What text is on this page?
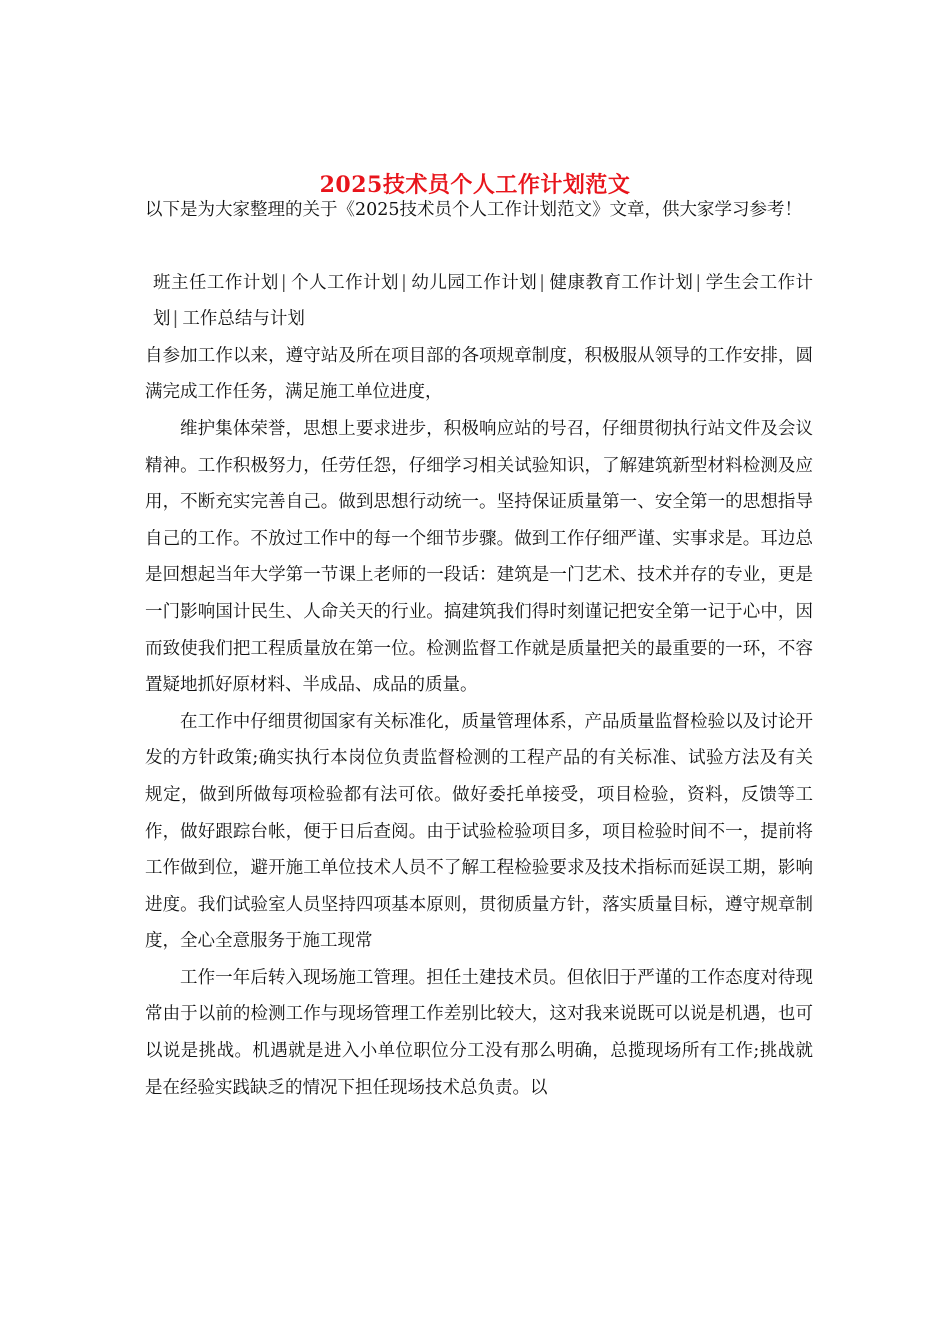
2025技术员个人工作计划范文

以下是为大家整理的关于《2025技术员个人工作计划范文》文章，供大家学习参考！

班主任工作计划 | 个人工作计划 | 幼儿园工作计划 | 健康教育工作计划 | 学生会工作计划 | 工作总结与计划

自参加工作以来，遵守站及所在项目部的各项规章制度，积极服从领导的工作安排，圆满完成工作任务，满足施工单位进度，

维护集体荣誉，思想上要求进步，积极响应站的号召，仔细贯彻执行站文件及会议精神。工作积极努力，任劳任怨，仔细学习相关试验知识，了解建筑新型材料检测及应用，不断充实完善自己。做到思想行动统一。坚持保证质量第一、安全第一的思想指导自己的工作。不放过工作中的每一个细节步骤。做到工作仔细严谨、实事求是。耳边总是回想起当年大学第一节课上老师的一段话：建筑是一门艺术、技术并存的专业，更是一门影响国计民生、人命关天的行业。搞建筑我们得时刻谨记把安全第一记于心中，因而致使我们把工程质量放在第一位。检测监督工作就是质量把关的最重要的一环，不容置疑地抓好原材料、半成品、成品的质量。

在工作中仔细贯彻国家有关标准化，质量管理体系，产品质量监督检验以及讨论开发的方针政策;确实执行本岗位负责监督检测的工程产品的有关标准、试验方法及有关规定，做到所做每项检验都有法可依。做好委托单接受，项目检验，资料，反馈等工作，做好跟踪台帐，便于日后查阅。由于试验检验项目多，项目检验时间不一，提前将工作做到位，避开施工单位技术人员不了解工程检验要求及技术指标而延误工期，影响进度。我们试验室人员坚持四项基本原则，贯彻质量方针，落实质量目标，遵守规章制度，全心全意服务于施工现常

工作一年后转入现场施工管理。担任土建技术员。但依旧于严谨的工作态度对待现常由于以前的检测工作与现场管理工作差别比较大，这对我来说既可以说是机遇，也可以说是挑战。机遇就是进入小单位职位分工没有那么明确，总揽现场所有工作;挑战就是在经验实践缺乏的情况下担任现场技术总负责。以
